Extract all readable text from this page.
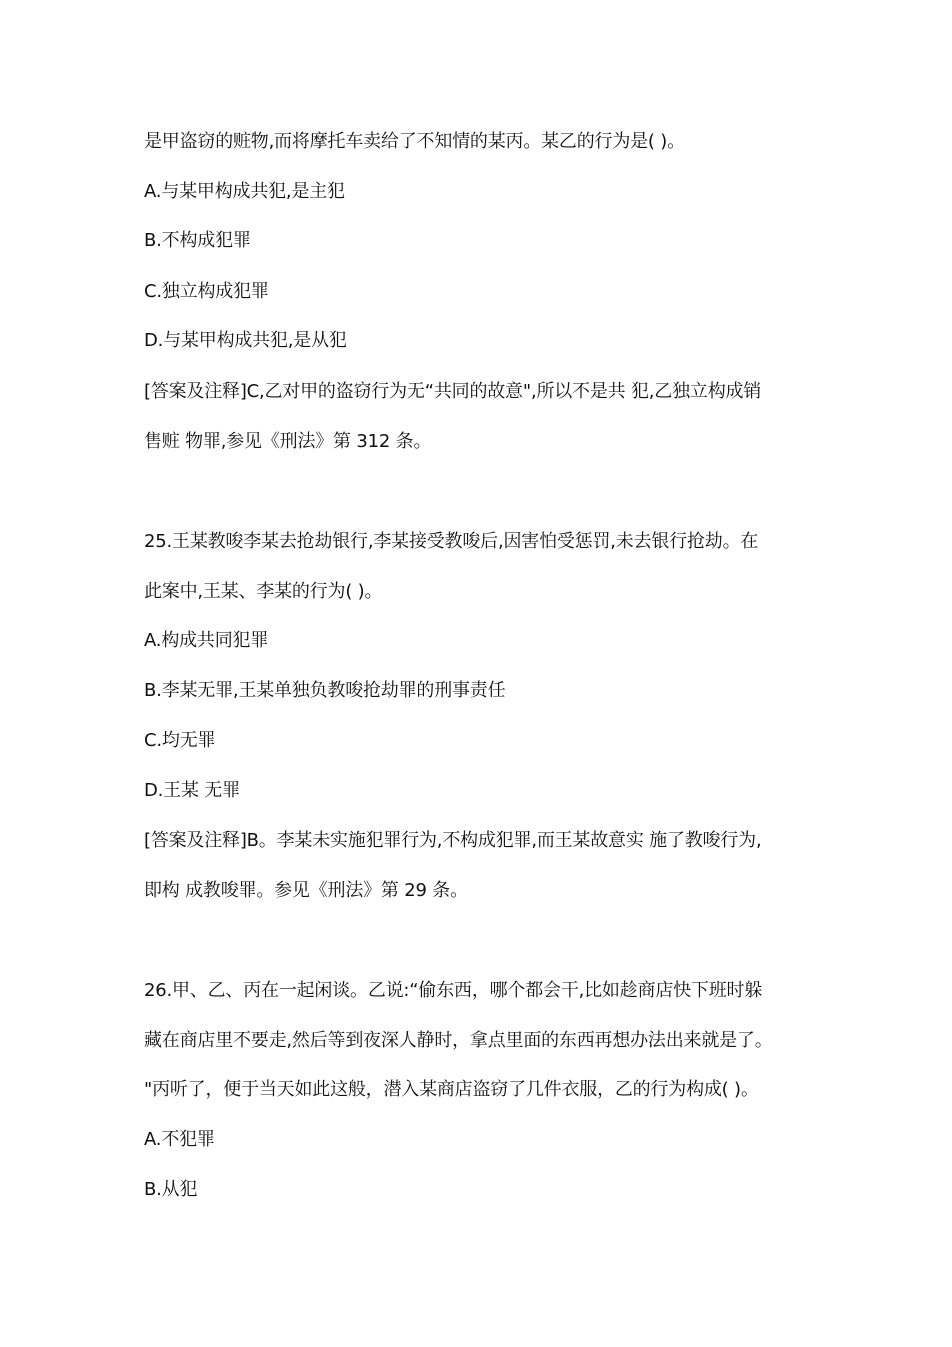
是甲盗窃的赃物,而将摩托车卖给了不知情的某丙。某乙的行为是( )。
A.与某甲构成共犯,是主犯
B.不构成犯罪
C.独立构成犯罪
D.与某甲构成共犯,是从犯
[答案及注释]C,乙对甲的盗窃行为无“共同的故意",所以不是共 犯,乙独立构成销
售赃 物罪,参见《刑法》第 312 条。
25.王某教唆李某去抢劫银行,李某接受教唆后,因害怕受惩罚,未去银行抢劫。在
此案中,王某、李某的行为( )。
A.构成共同犯罪
B.李某无罪,王某单独负教唆抢劫罪的刑事责任
C.均无罪
D.王某 无罪
[答案及注释]B。李某未实施犯罪行为,不构成犯罪,而王某故意实 施了教唆行为,
即构 成教唆罪。参见《刑法》第 29 条。
26.甲、乙、丙在一起闲谈。乙说:“偷东西，哪个都会干,比如趁商店快下班时躲
藏在商店里不要走,然后等到夜深人静时，拿点里面的东西再想办法出来就是了。
"丙听了，便于当天如此这般，潜入某商店盗窃了几件衣服，乙的行为构成( )。
A.不犯罪
B.从犯
